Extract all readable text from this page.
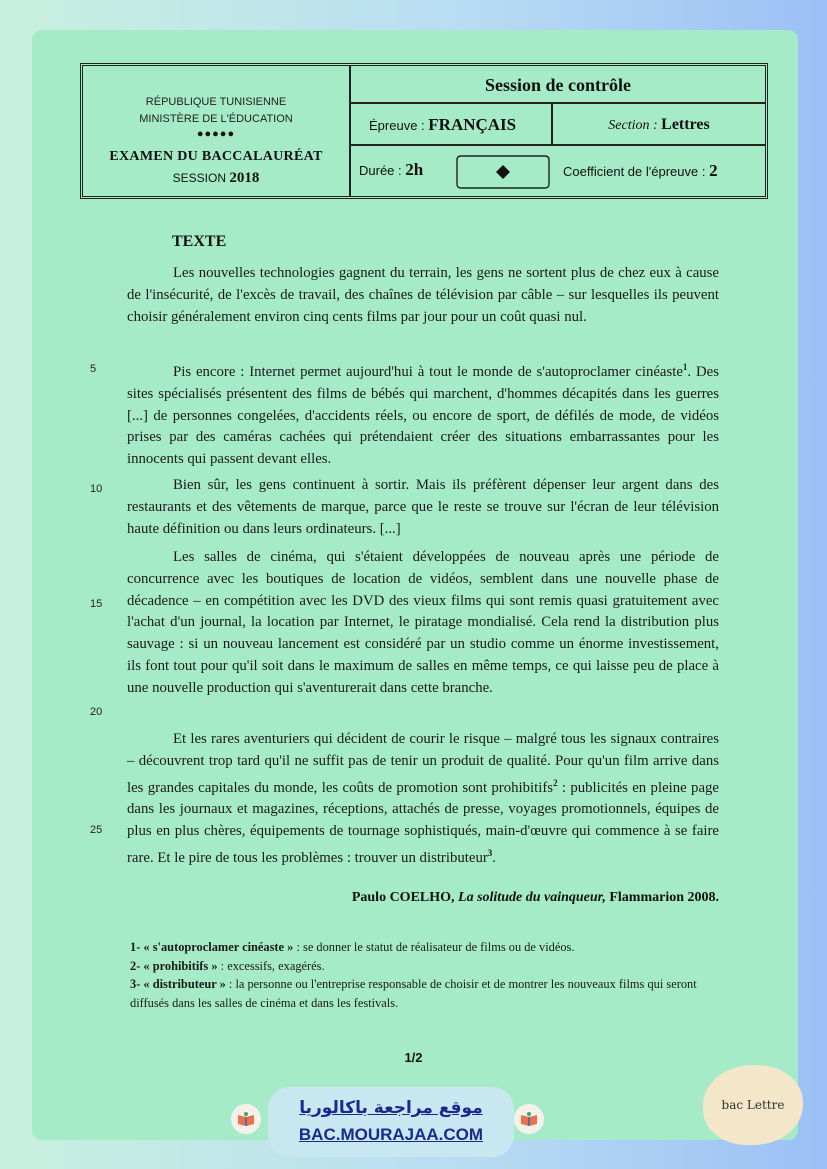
RÉPUBLIQUE TUNISIENNE
MINISTÈRE DE L'ÉDUCATION
●●●●●
EXAMEN DU BACCALAURÉAT
SESSION 2018
Session de contrôle
Épreuve : FRANÇAIS	Section : Lettres
Durée : 2h	Coefficient de l'épreuve : 2
TEXTE
Les nouvelles technologies gagnent du terrain, les gens ne sortent plus de chez eux à cause de l'insécurité, de l'excès de travail, des chaînes de télévision par câble – sur lesquelles ils peuvent choisir généralement environ cinq cents films par jour pour un coût quasi nul.
Pis encore : Internet permet aujourd'hui à tout le monde de s'autoproclamer cinéaste$^1$. Des sites spécialisés présentent des films de bébés qui marchent, d'hommes décapités dans les guerres [...] de personnes congelées, d'accidents réels, ou encore de sport, de défilés de mode, de vidéos prises par des caméras cachées qui prétendaient créer des situations embarrassantes pour les innocents qui passent devant elles.
Bien sûr, les gens continuent à sortir. Mais ils préfèrent dépenser leur argent dans des restaurants et des vêtements de marque, parce que le reste se trouve sur l'écran de leur télévision haute définition ou dans leurs ordinateurs. [...]
Les salles de cinéma, qui s'étaient développées de nouveau après une période de concurrence avec les boutiques de location de vidéos, semblent dans une nouvelle phase de décadence – en compétition avec les DVD des vieux films qui sont remis quasi gratuitement avec l'achat d'un journal, la location par Internet, le piratage mondialisé. Cela rend la distribution plus sauvage : si un nouveau lancement est considéré par un studio comme un énorme investissement, ils font tout pour qu'il soit dans le maximum de salles en même temps, ce qui laisse peu de place à une nouvelle production qui s'aventurerait dans cette branche.
Et les rares aventuriers qui décident de courir le risque – malgré tous les signaux contraires – découvrent trop tard qu'il ne suffit pas de tenir un produit de qualité. Pour qu'un film arrive dans les grandes capitales du monde, les coûts de promotion sont prohibitifs$^2$ : publicités en pleine page dans les journaux et magazines, réceptions, attachés de presse, voyages promotionnels, équipes de plus en plus chères, équipements de tournage sophistiqués, main-d'œuvre qui commence à se faire rare. Et le pire de tous les problèmes : trouver un distributeur$^3$.
5
10
15
20
25
Paulo COELHO, La solitude du vainqueur, Flammarion 2008.
1- « s'autoproclamer cinéaste » : se donner le statut de réalisateur de films ou de vidéos.
2- « prohibitifs » : excessifs, exagérés.
3- « distributeur » : la personne ou l'entreprise responsable de choisir et de montrer les nouveaux films qui seront diffusés dans les salles de cinéma et dans les festivals.
1/2
موقع مراجعة باكالوريا
BAC.MOURAJAA.COM
bac Lettre
